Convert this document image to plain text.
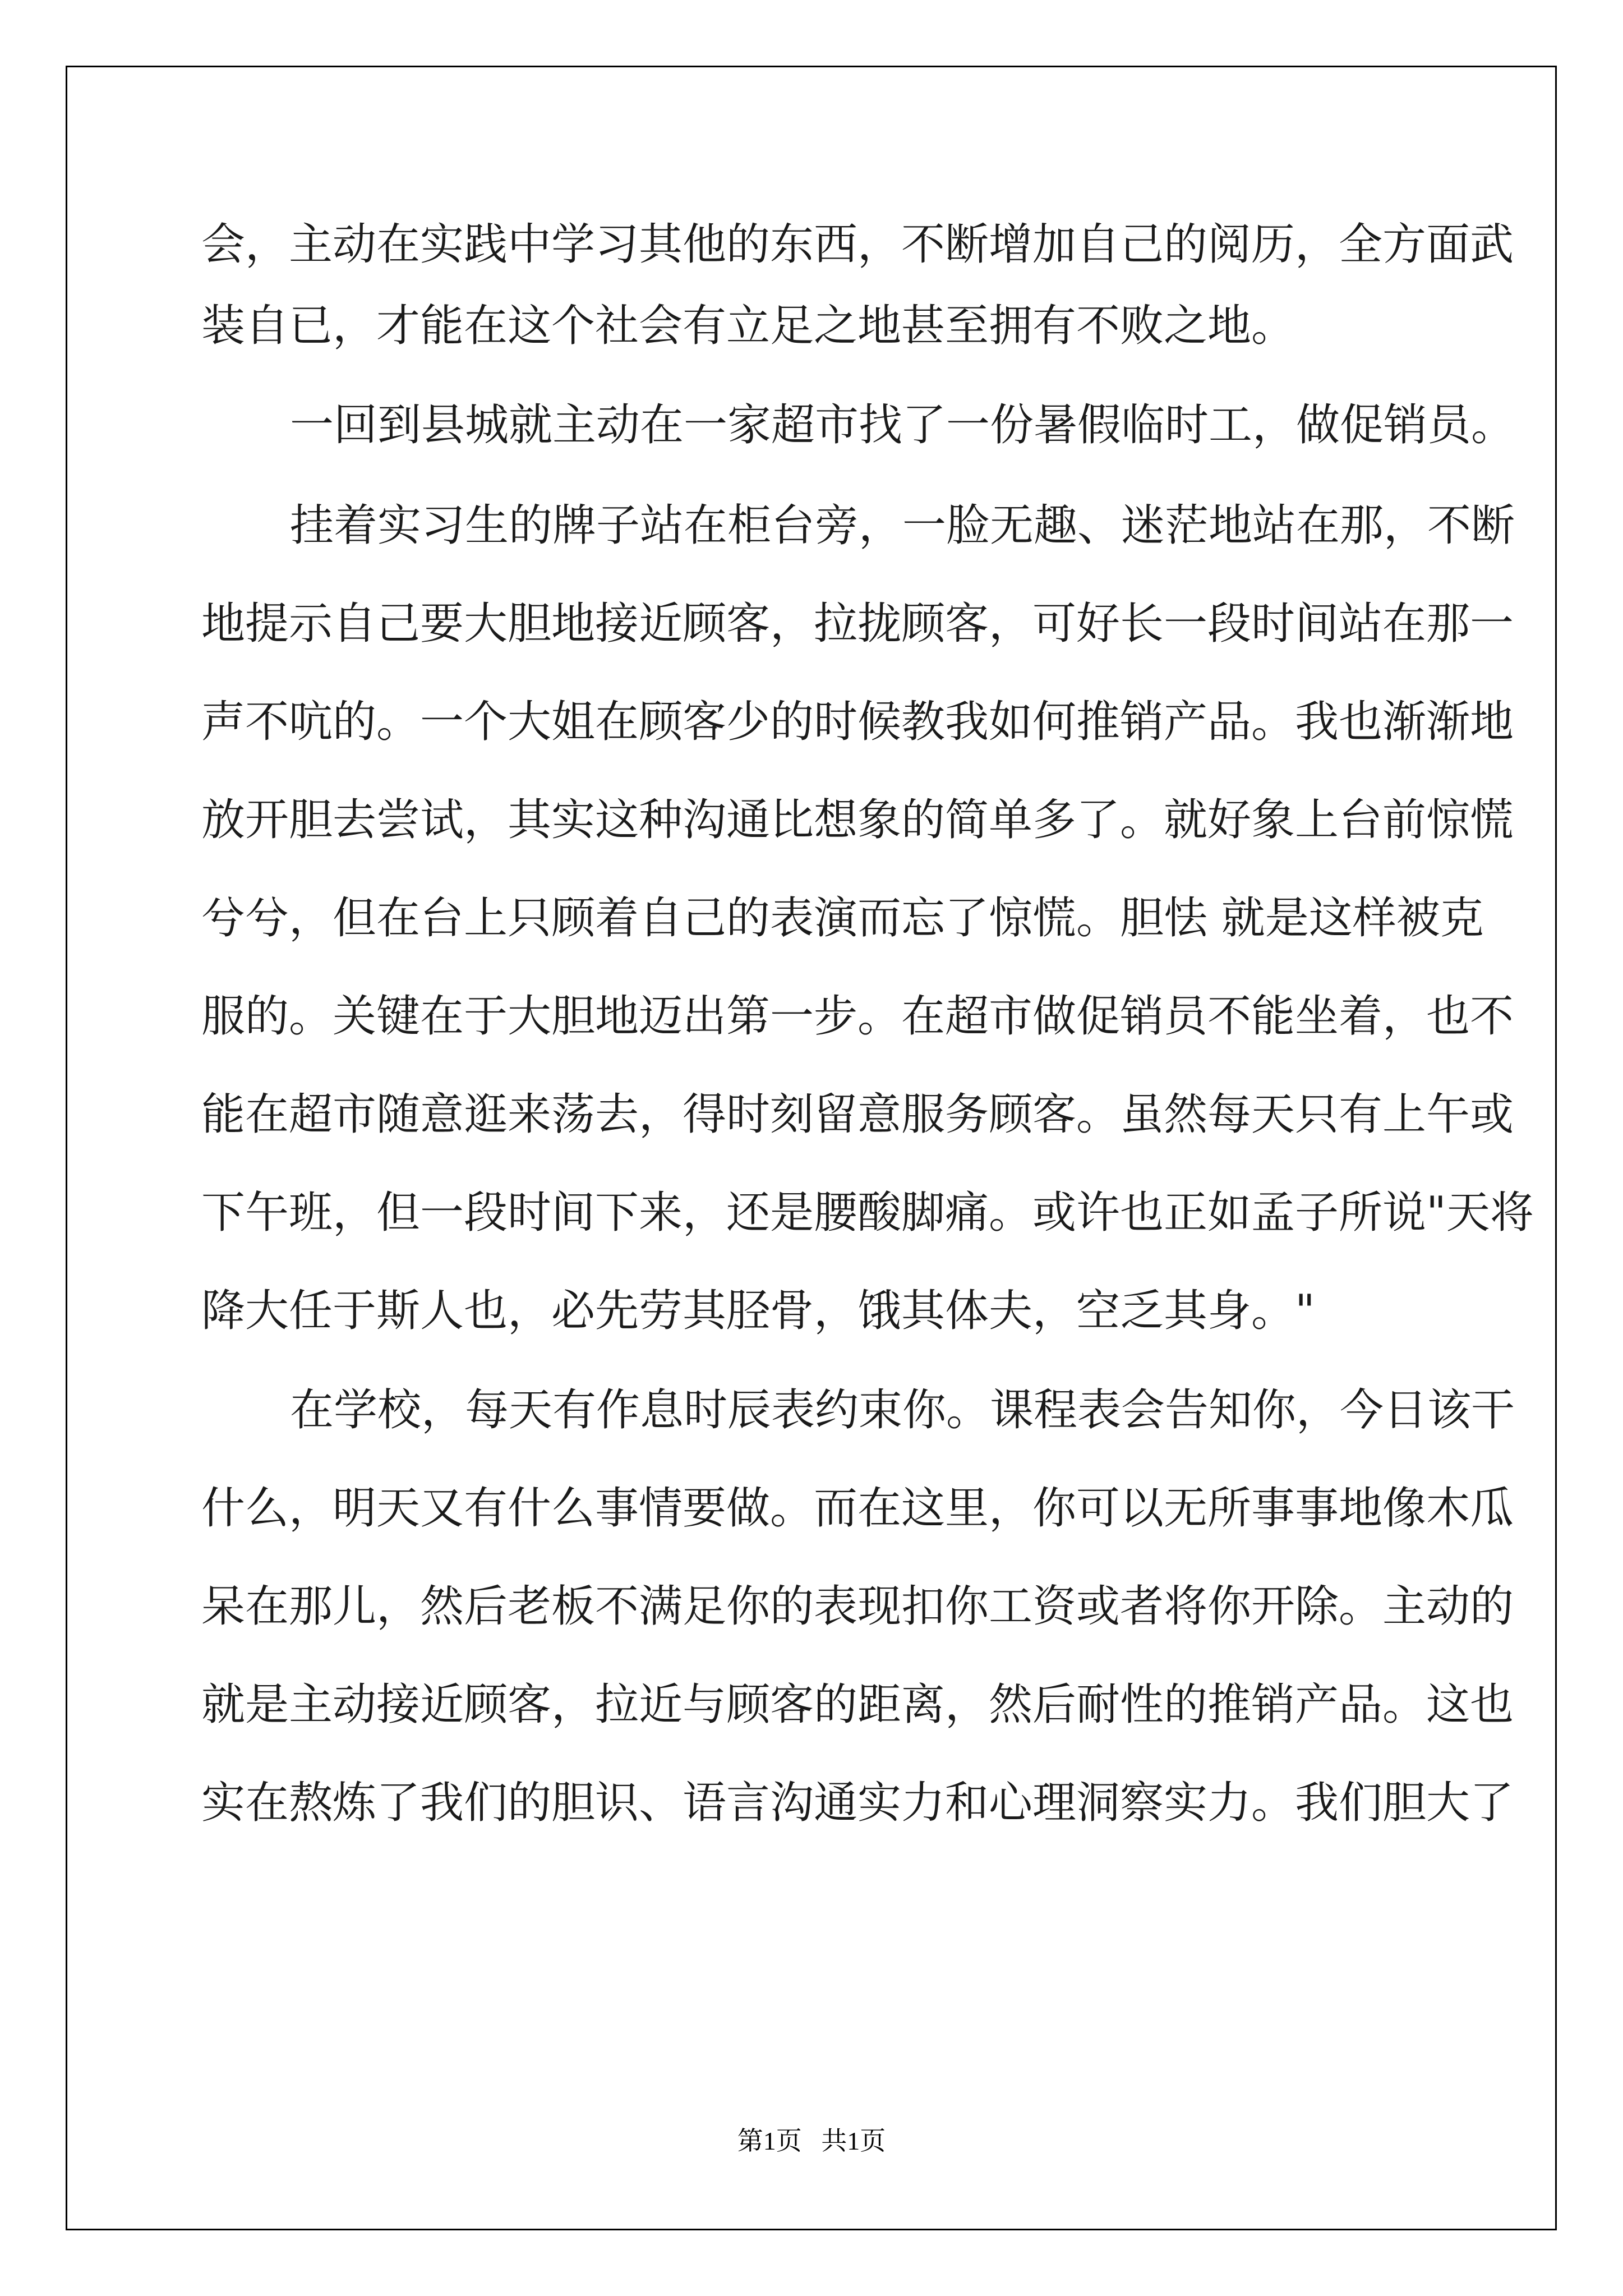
会，主动在实践中学习其他的东西，不断增加自己的阅历，全方面武
装自已，才能在这个社会有立足之地甚至拥有不败之地。
一回到县城就主动在一家超市找了一份暑假临时工，做促销员。
挂着实习生的牌子站在柜台旁，一脸无趣、迷茫地站在那，不断
地提示自己要大胆地接近顾客，拉拢顾客，可好长一段时间站在那一
声不吭的。一个大姐在顾客少的时候教我如何推销产品。我也渐渐地
放开胆去尝试，其实这种沟通比想象的简单多了。就好象上台前惊慌
兮兮，但在台上只顾着自己的表演而忘了惊慌。胆怯 就是这样被克
服的。关键在于大胆地迈出第一步。在超市做促销员不能坐着，也不
能在超市随意逛来荡去，得时刻留意服务顾客。虽然每天只有上午或
下午班，但一段时间下来，还是腰酸脚痛。或许也正如孟子所说"天将
降大任于斯人也，必先劳其胫骨，饿其体夫，空乏其身。"
在学校，每天有作息时辰表约束你。课程表会告知你，今日该干
什么，明天又有什么事情要做。而在这里，你可以无所事事地像木瓜
呆在那儿，然后老板不满足你的表现扣你工资或者将你开除。主动的
就是主动接近顾客，拉近与顾客的距离，然后耐性的推销产品。这也
实在熬炼了我们的胆识、语言沟通实力和心理洞察实力。我们胆大了
第1页   共1页
